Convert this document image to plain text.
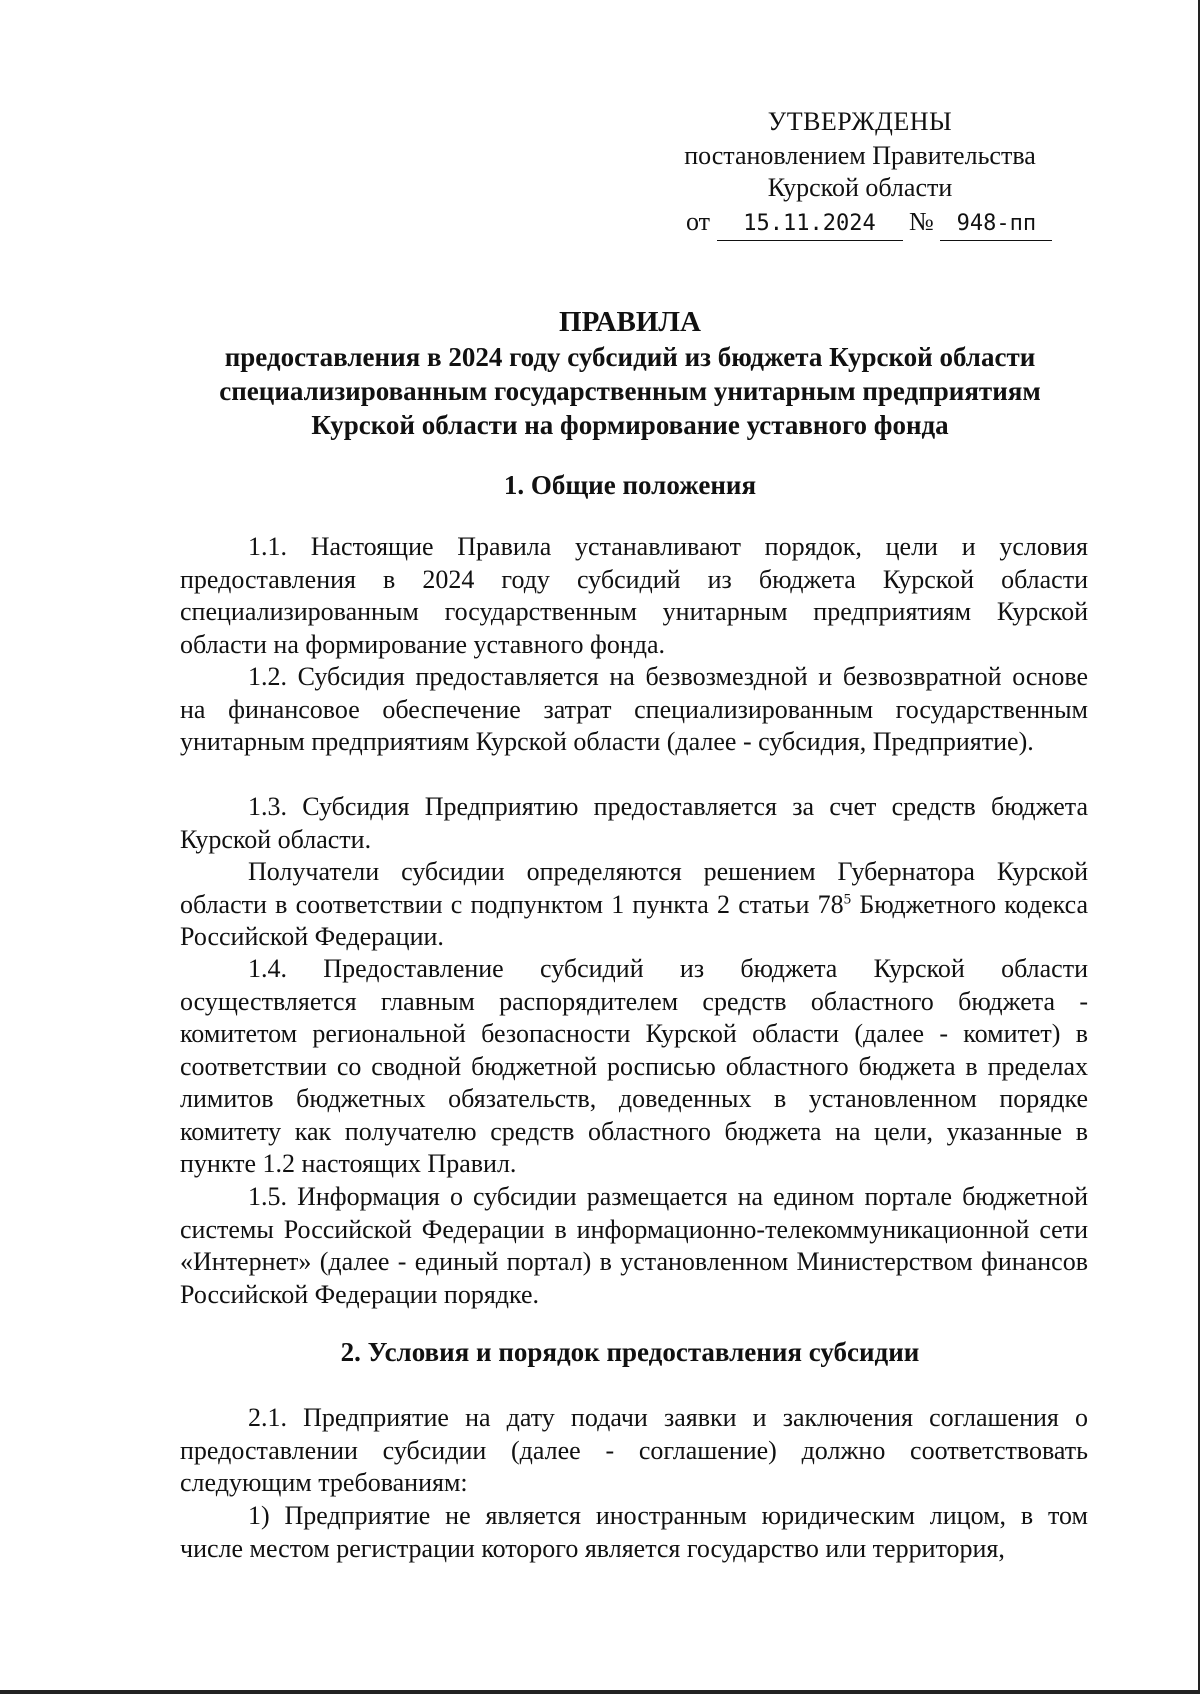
УТВЕРЖДЕНЫ
постановлением Правительства
Курской области
от 15.11.2024 № 948-пп
ПРАВИЛА
предоставления в 2024 году субсидий из бюджета Курской области
специализированным государственным унитарным предприятиям
Курской области на формирование уставного фонда
1. Общие положения
1.1. Настоящие Правила устанавливают порядок, цели и условия предоставления в 2024 году субсидий из бюджета Курской области специализированным государственным унитарным предприятиям Курской области на формирование уставного фонда.
1.2. Субсидия предоставляется на безвозмездной и безвозвратной основе на финансовое обеспечение затрат специализированным государственным унитарным предприятиям Курской области (далее - субсидия, Предприятие).
1.3. Субсидия Предприятию предоставляется за счет средств бюджета Курской области.
Получатели субсидии определяются решением Губернатора Курской области в соответствии с подпунктом 1 пункта 2 статьи $78^5$ Бюджетного кодекса Российской Федерации.
1.4. Предоставление субсидий из бюджета Курской области осуществляется главным распорядителем средств областного бюджета - комитетом региональной безопасности Курской области (далее - комитет) в соответствии со сводной бюджетной росписью областного бюджета в пределах лимитов бюджетных обязательств, доведенных в установленном порядке комитету как получателю средств областного бюджета на цели, указанные в пункте 1.2 настоящих Правил.
1.5. Информация о субсидии размещается на едином портале бюджетной системы Российской Федерации в информационно-телекоммуникационной сети «Интернет» (далее - единый портал) в установленном Министерством финансов Российской Федерации порядке.
2. Условия и порядок предоставления субсидии
2.1. Предприятие на дату подачи заявки и заключения соглашения о предоставлении субсидии (далее - соглашение) должно соответствовать следующим требованиям:
1) Предприятие не является иностранным юридическим лицом, в том числе местом регистрации которого является государство или территория,
